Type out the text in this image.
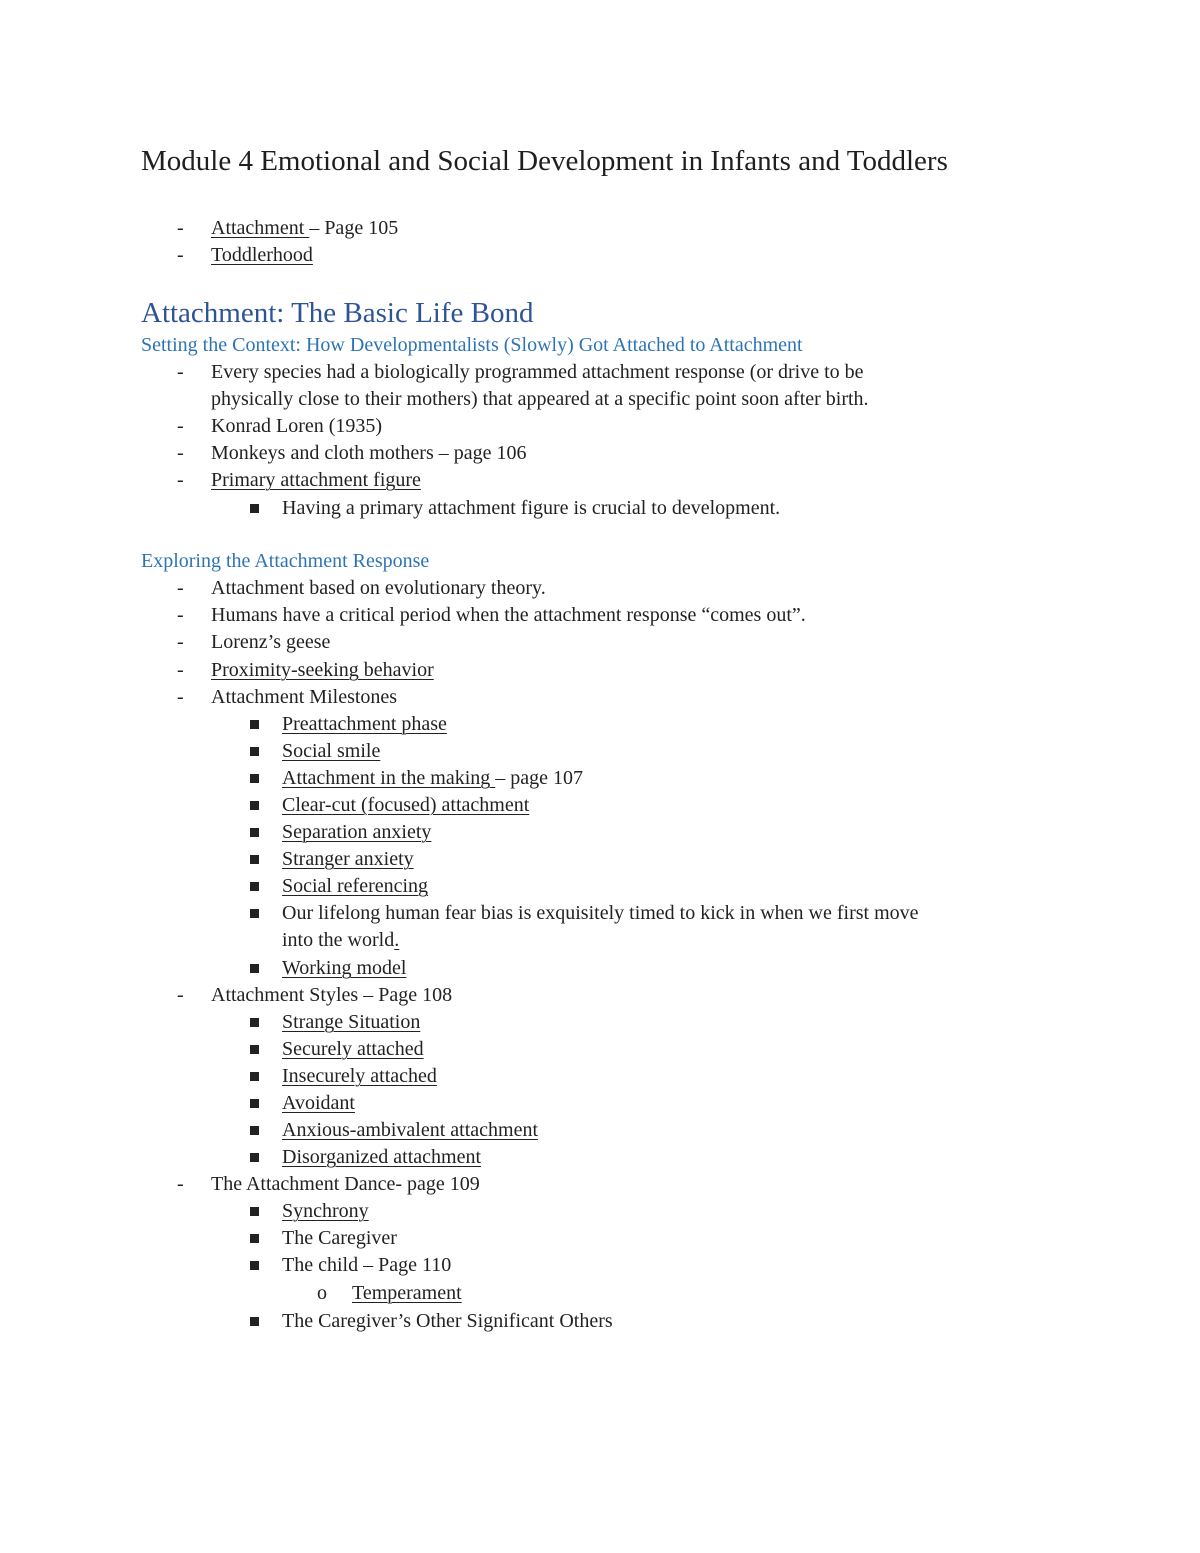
Module 4 Emotional and Social Development in Infants and Toddlers
-	Attachment – Page 105
-	Toddlerhood
Attachment: The Basic Life Bond
Setting the Context: How Developmentalists (Slowly) Got Attached to Attachment
-	Every species had a biologically programmed attachment response (or drive to be
physically close to their mothers) that appeared at a specific point soon after birth.
-	Konrad Loren (1935)
-	Monkeys and cloth mothers – page 106
-	Primary attachment figure
Having a primary attachment figure is crucial to development.
Exploring the Attachment Response
-	Attachment based on evolutionary theory.
-	Humans have a critical period when the attachment response “comes out”.
-	Lorenz’s geese
-	Proximity-seeking behavior
-	Attachment Milestones
Preattachment phase
Social smile
Attachment in the making – page 107
Clear-cut (focused) attachment
Separation anxiety
Stranger anxiety
Social referencing
Our lifelong human fear bias is exquisitely timed to kick in when we first move
into the world.
Working model
-	Attachment Styles – Page 108
Strange Situation
Securely attached
Insecurely attached
Avoidant
Anxious-ambivalent attachment
Disorganized attachment
-	The Attachment Dance- page 109
Synchrony
The Caregiver
The child – Page 110
o	Temperament
The Caregiver’s Other Significant Others
